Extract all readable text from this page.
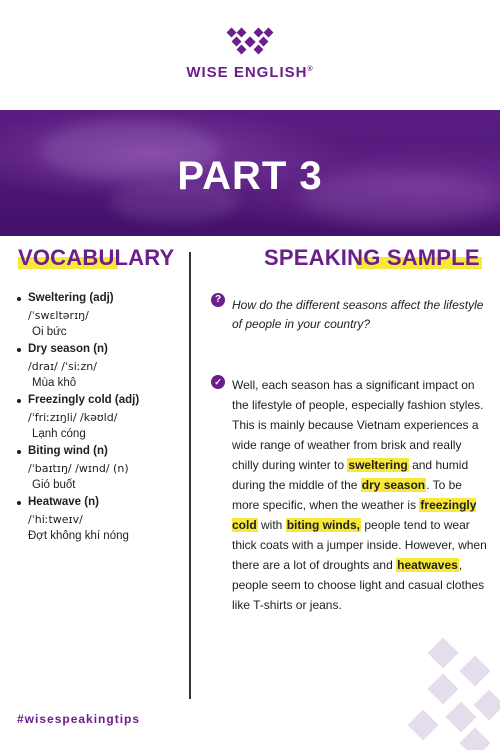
WISE ENGLISH®
PART 3
VOCABULARY	SPEAKING SAMPLE
Sweltering (adj)
/ˈswɛltərɪŋ/
Oi bức
Dry season (n)
/draɪ/ /ˈsiːzn/
Mùa khô
Freezingly cold (adj)
/ˈfriːzɪŋli/ /kəʊld/
Lạnh cóng
Biting wind (n)
/ˈbaɪtɪŋ/ /wɪnd/ (n)
Gió buốt
Heatwave (n)
/ˈhiːtweɪv/
Đợt không khí nóng
? How do the different seasons affect the lifestyle of people in your country?
✓ Well, each season has a significant impact on the lifestyle of people, especially fashion styles. This is mainly because Vietnam experiences a wide range of weather from brisk and really chilly during winter to sweltering and humid during the middle of the dry season. To be more specific, when the weather is freezingly cold with biting winds, people tend to wear thick coats with a jumper inside. However, when there are a lot of droughts and heatwaves, people seem to choose light and casual clothes like T-shirts or jeans.
#wisespeakingtips
